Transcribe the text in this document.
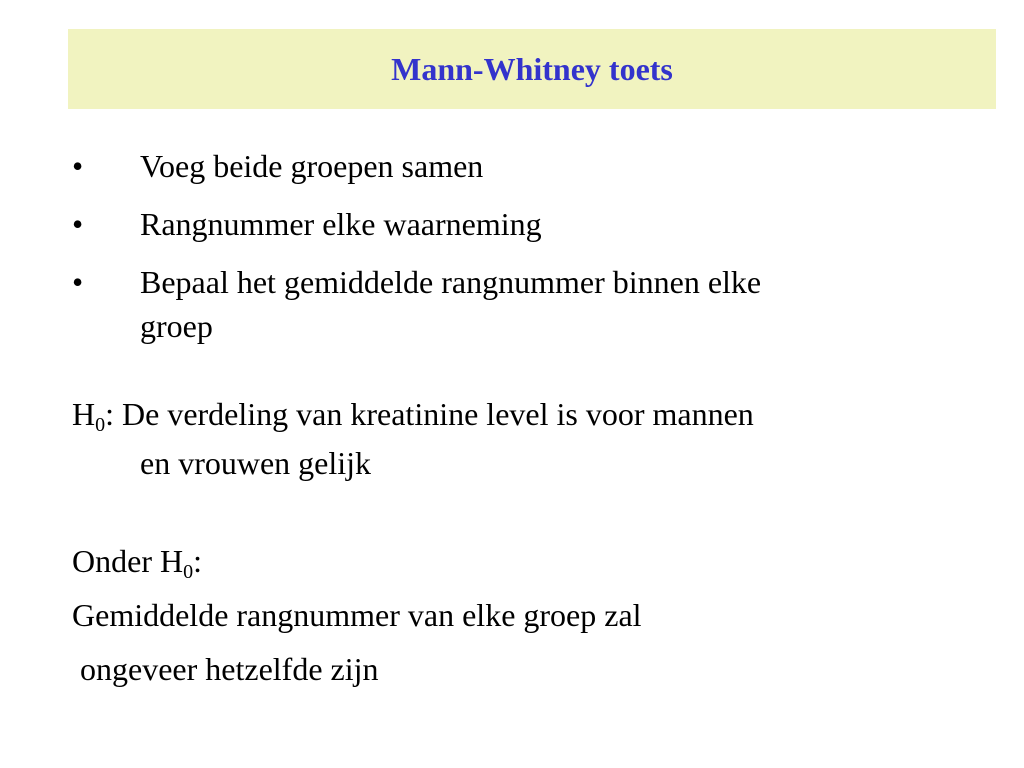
Mann-Whitney toets
• Voeg beide groepen samen
• Rangnummer elke waarneming
• Bepaal het gemiddelde rangnummer binnen elke
groep

$H_0$: De verdeling van kreatinine level is voor mannen

en vrouwen gelijk

Onder $H_0$:

Gemiddelde rangnummer van elke groep zal

ongeveer hetzelfde zijn
